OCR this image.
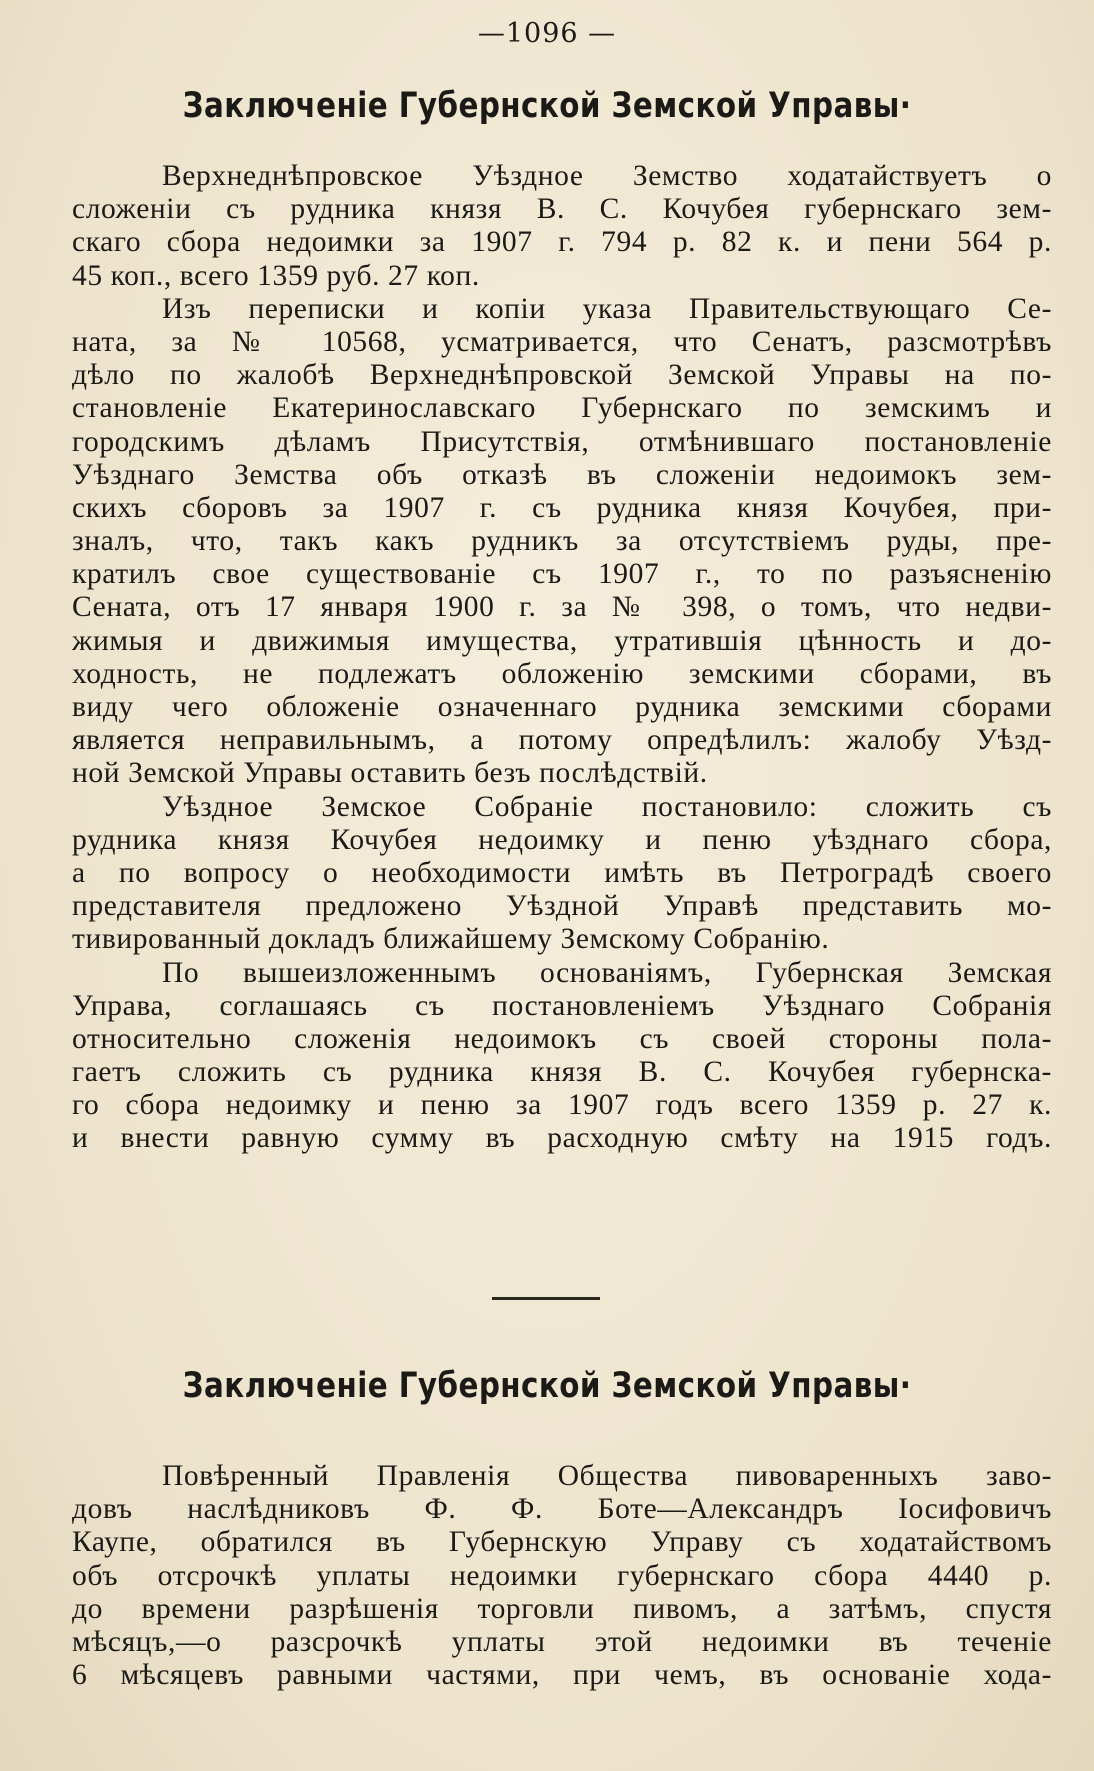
—1096 —
Заключенiе Губернской Земской Управы·
Верхнеднѣпровское Уѣздное Земство ходатайствуетъ о
сложенiи съ рудника князя В. С. Кочубея губернскаго зем-
скаго сбора недоимки за 1907 г. 794 р. 82 к. и пени 564 р.
45 коп., всего 1359 руб. 27 коп.
Изъ переписки и копiи указа Правительствующаго Се-
ната, за № 10568, усматривается, что Сенатъ, разсмотрѣвъ
дѣло по жалобѣ Верхнеднѣпровской Земской Управы на по-
становленiе Екатеринославскаго Губернскаго по земскимъ и
городскимъ дѣламъ Присутствiя, отмѣнившаго постановленiе
Уѣзднаго Земства объ отказѣ въ сложенiи недоимокъ зем-
скихъ сборовъ за 1907 г. съ рудника князя Кочубея, при-
зналъ, что, такъ какъ рудникъ за отсутствiемъ руды, пре-
кратилъ свое существованiе съ 1907 г., то по разъясненiю
Сената, отъ 17 января 1900 г. за № 398, о томъ, что недви-
жимыя и движимыя имущества, утратившiя цѣнность и до-
ходность, не подлежатъ обложенiю земскими сборами, въ
виду чего обложенiе означеннаго рудника земскими сборами
является неправильнымъ, а потому опредѣлилъ: жалобу Уѣзд-
ной Земской Управы оставить безъ послѣдствiй.
Уѣздное Земское Собранiе постановило: сложить съ
рудника князя Кочубея недоимку и пеню уѣзднаго сбора,
а по вопросу о необходимости имѣть въ Петроградѣ своего
представителя предложено Уѣздной Управѣ представить мо-
тивированный докладъ ближайшему Земскому Собранiю.
По вышеизложеннымъ основанiямъ, Губернская Земская
Управа, соглашаясь съ постановленiемъ Уѣзднаго Собранiя
относительно сложенiя недоимокъ съ своей стороны пола-
гаетъ сложить съ рудника князя В. С. Кочубея губернска-
го сбора недоимку и пеню за 1907 годъ всего 1359 р. 27 к.
и внести равную сумму въ расходную смѣту на 1915 годъ.
Заключенiе Губернской Земской Управы·
Повѣренный Правленiя Общества пивоваренныхъ заво-
довъ наслѣдниковъ Ф. Ф. Боте—Александръ Iосифовичъ
Каупе, обратился въ Губернскую Управу съ ходатайствомъ
объ отсрочкѣ уплаты недоимки губернскаго сбора 4440 р.
до времени разрѣшенiя торговли пивомъ, а затѣмъ, спустя
мѣсяцъ,—о разсрочкѣ уплаты этой недоимки въ теченiе
6 мѣсяцевъ равными частями, при чемъ, въ основанiе хода-
